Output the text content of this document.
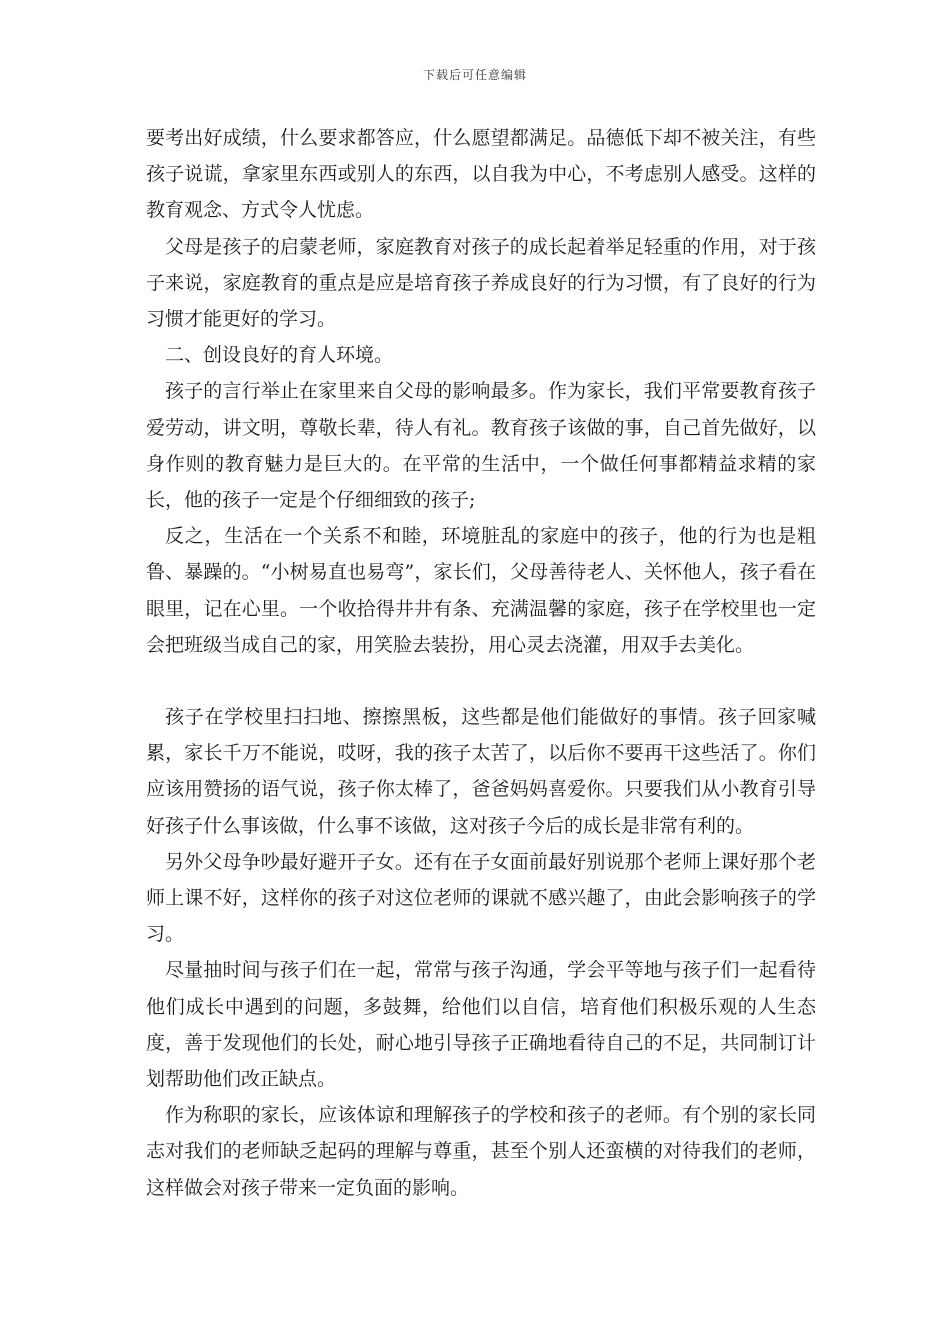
下载后可任意编辑

要考出好成绩，什么要求都答应，什么愿望都满足。品德低下却不被关注，有些孩子说谎，拿家里东西或别人的东西，以自我为中心，不考虑别人感受。这样的教育观念、方式令人忧虑。

父母是孩子的启蒙老师，家庭教育对孩子的成长起着举足轻重的作用，对于孩子来说，家庭教育的重点是应是培育孩子养成良好的行为习惯，有了良好的行为习惯才能更好的学习。

二、创设良好的育人环境。

孩子的言行举止在家里来自父母的影响最多。作为家长，我们平常要教育孩子爱劳动，讲文明，尊敬长辈，待人有礼。教育孩子该做的事，自己首先做好，以身作则的教育魅力是巨大的。在平常的生活中，一个做任何事都精益求精的家长，他的孩子一定是个仔细细致的孩子;

反之，生活在一个关系不和睦，环境脏乱的家庭中的孩子，他的行为也是粗鲁、暴躁的。“小树易直也易弯”，家长们，父母善待老人、关怀他人，孩子看在眼里，记在心里。一个收拾得井井有条、充满温馨的家庭，孩子在学校里也一定会把班级当成自己的家，用笑脸去装扮，用心灵去浇灌，用双手去美化。

孩子在学校里扫扫地、擦擦黑板，这些都是他们能做好的事情。孩子回家喊累，家长千万不能说，哎呀，我的孩子太苦了，以后你不要再干这些活了。你们应该用赞扬的语气说，孩子你太棒了，爸爸妈妈喜爱你。只要我们从小教育引导好孩子什么事该做，什么事不该做，这对孩子今后的成长是非常有利的。

另外父母争吵最好避开子女。还有在子女面前最好别说那个老师上课好那个老师上课不好，这样你的孩子对这位老师的课就不感兴趣了，由此会影响孩子的学习。

尽量抽时间与孩子们在一起，常常与孩子沟通，学会平等地与孩子们一起看待他们成长中遇到的问题，多鼓舞，给他们以自信，培育他们积极乐观的人生态度，善于发现他们的长处，耐心地引导孩子正确地看待自己的不足，共同制订计划帮助他们改正缺点。

作为称职的家长，应该体谅和理解孩子的学校和孩子的老师。有个别的家长同志对我们的老师缺乏起码的理解与尊重，甚至个别人还蛮横的对待我们的老师，这样做会对孩子带来一定负面的影响。
